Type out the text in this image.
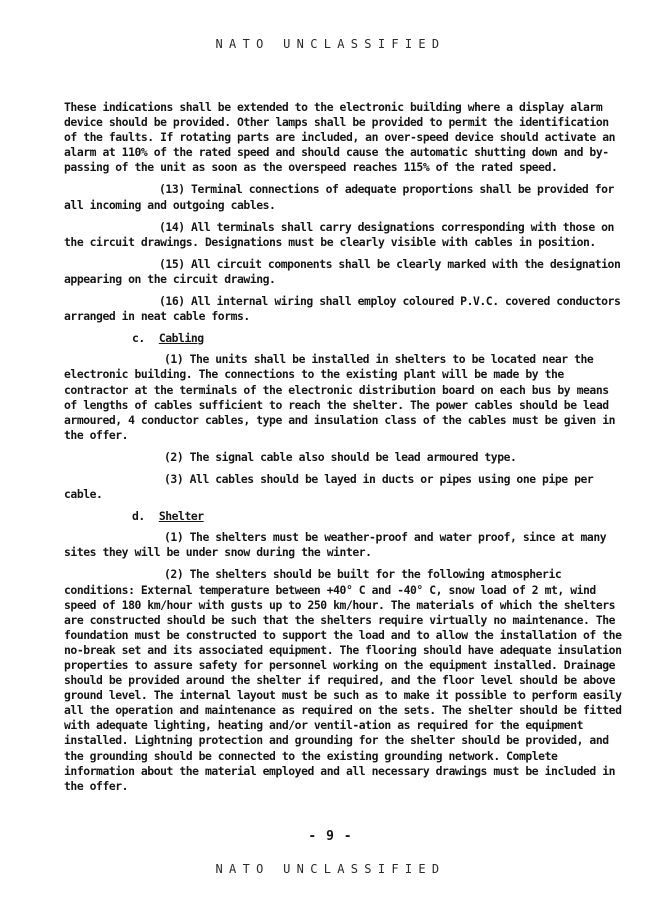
NATO UNCLASSIFIED

These indications shall be extended to the electronic building where a display alarm device should be provided. Other lamps shall be provided to permit the identification of the faults. If rotating parts are included, an over-speed device should activate an alarm at 110% of the rated speed and should cause the automatic shutting down and by-passing of the unit as soon as the overspeed reaches 115% of the rated speed.

(13) Terminal connections of adequate proportions shall be provided for all incoming and outgoing cables.

(14) All terminals shall carry designations corresponding with those on the circuit drawings. Designations must be clearly visible with cables in position.

(15) All circuit components shall be clearly marked with the designation appearing on the circuit drawing.

(16) All internal wiring shall employ coloured P.V.C. covered conductors arranged in neat cable forms.

c. Cabling

(1) The units shall be installed in shelters to be located near the electronic building. The connections to the existing plant will be made by the contractor at the terminals of the electronic distribution board on each bus by means of lengths of cables sufficient to reach the shelter. The power cables should be lead armoured, 4 conductor cables, type and insulation class of the cables must be given in the offer.

(2) The signal cable also should be lead armoured type.

(3) All cables should be layed in ducts or pipes using one pipe per cable.

d. Shelter

(1) The shelters must be weather-proof and water proof, since at many sites they will be under snow during the winter.

(2) The shelters should be built for the following atmospheric conditions: External temperature between +40° C and -40° C, snow load of 2 mt, wind speed of 180 km/hour with gusts up to 250 km/hour. The materials of which the shelters are constructed should be such that the shelters require virtually no maintenance. The foundation must be constructed to support the load and to allow the installation of the no-break set and its associated equipment. The flooring should have adequate insulation properties to assure safety for personnel working on the equipment installed. Drainage should be provided around the shelter if required, and the floor level should be above ground level. The internal layout must be such as to make it possible to perform easily all the operation and maintenance as required on the sets. The shelter should be fitted with adequate lighting, heating and/or ventil-ation as required for the equipment installed. Lightning protection and grounding for the shelter should be provided, and the grounding should be connected to the existing grounding network. Complete information about the material employed and all necessary drawings must be included in the offer.

- 9 -
NATO UNCLASSIFIED
